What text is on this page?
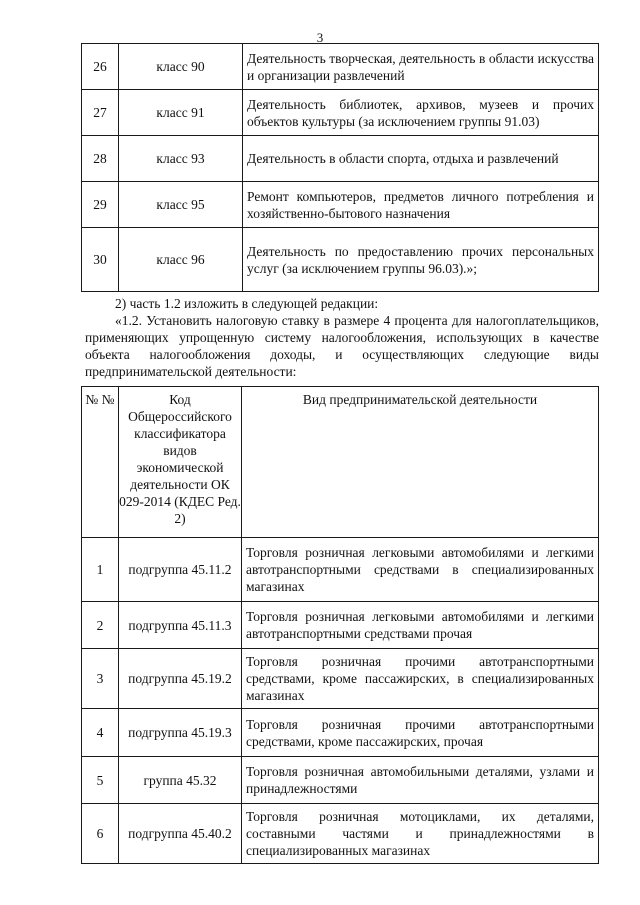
3
26	класс 90	Деятельность творческая, деятельность в области искусства и организации развлечений
27	класс 91	Деятельность библиотек, архивов, музеев и прочих объектов культуры (за исключением группы 91.03)
28	класс 93	Деятельность в области спорта, отдыха и развлечений
29	класс 95	Ремонт компьютеров, предметов личного потребления и хозяйственно-бытового назначения
30	класс 96	Деятельность по предоставлению прочих персональных услуг (за исключением группы 96.03).»;
2) часть 1.2 изложить в следующей редакции:
«1.2. Установить налоговую ставку в размере 4 процента для налогоплательщиков, применяющих упрощенную систему налогообложения, использующих в качестве объекта налогообложения доходы, и осуществляющих следующие виды предпринимательской деятельности:
№ №	Код Общероссийского классификатора видов экономической деятельности ОК 029-2014 (КДЕС Ред. 2)	Вид предпринимательской деятельности
1	подгруппа 45.11.2	Торговля розничная легковыми автомобилями и легкими автотранспортными средствами в специализированных магазинах
2	подгруппа 45.11.3	Торговля розничная легковыми автомобилями и легкими автотранспортными средствами прочая
3	подгруппа 45.19.2	Торговля розничная прочими автотранспортными средствами, кроме пассажирских, в специализированных магазинах
4	подгруппа 45.19.3	Торговля розничная прочими автотранспортными средствами, кроме пассажирских, прочая
5	группа 45.32	Торговля розничная автомобильными деталями, узлами и принадлежностями
6	подгруппа 45.40.2	Торговля розничная мотоциклами, их деталями, составными частями и принадлежностями в специализированных магазинах
